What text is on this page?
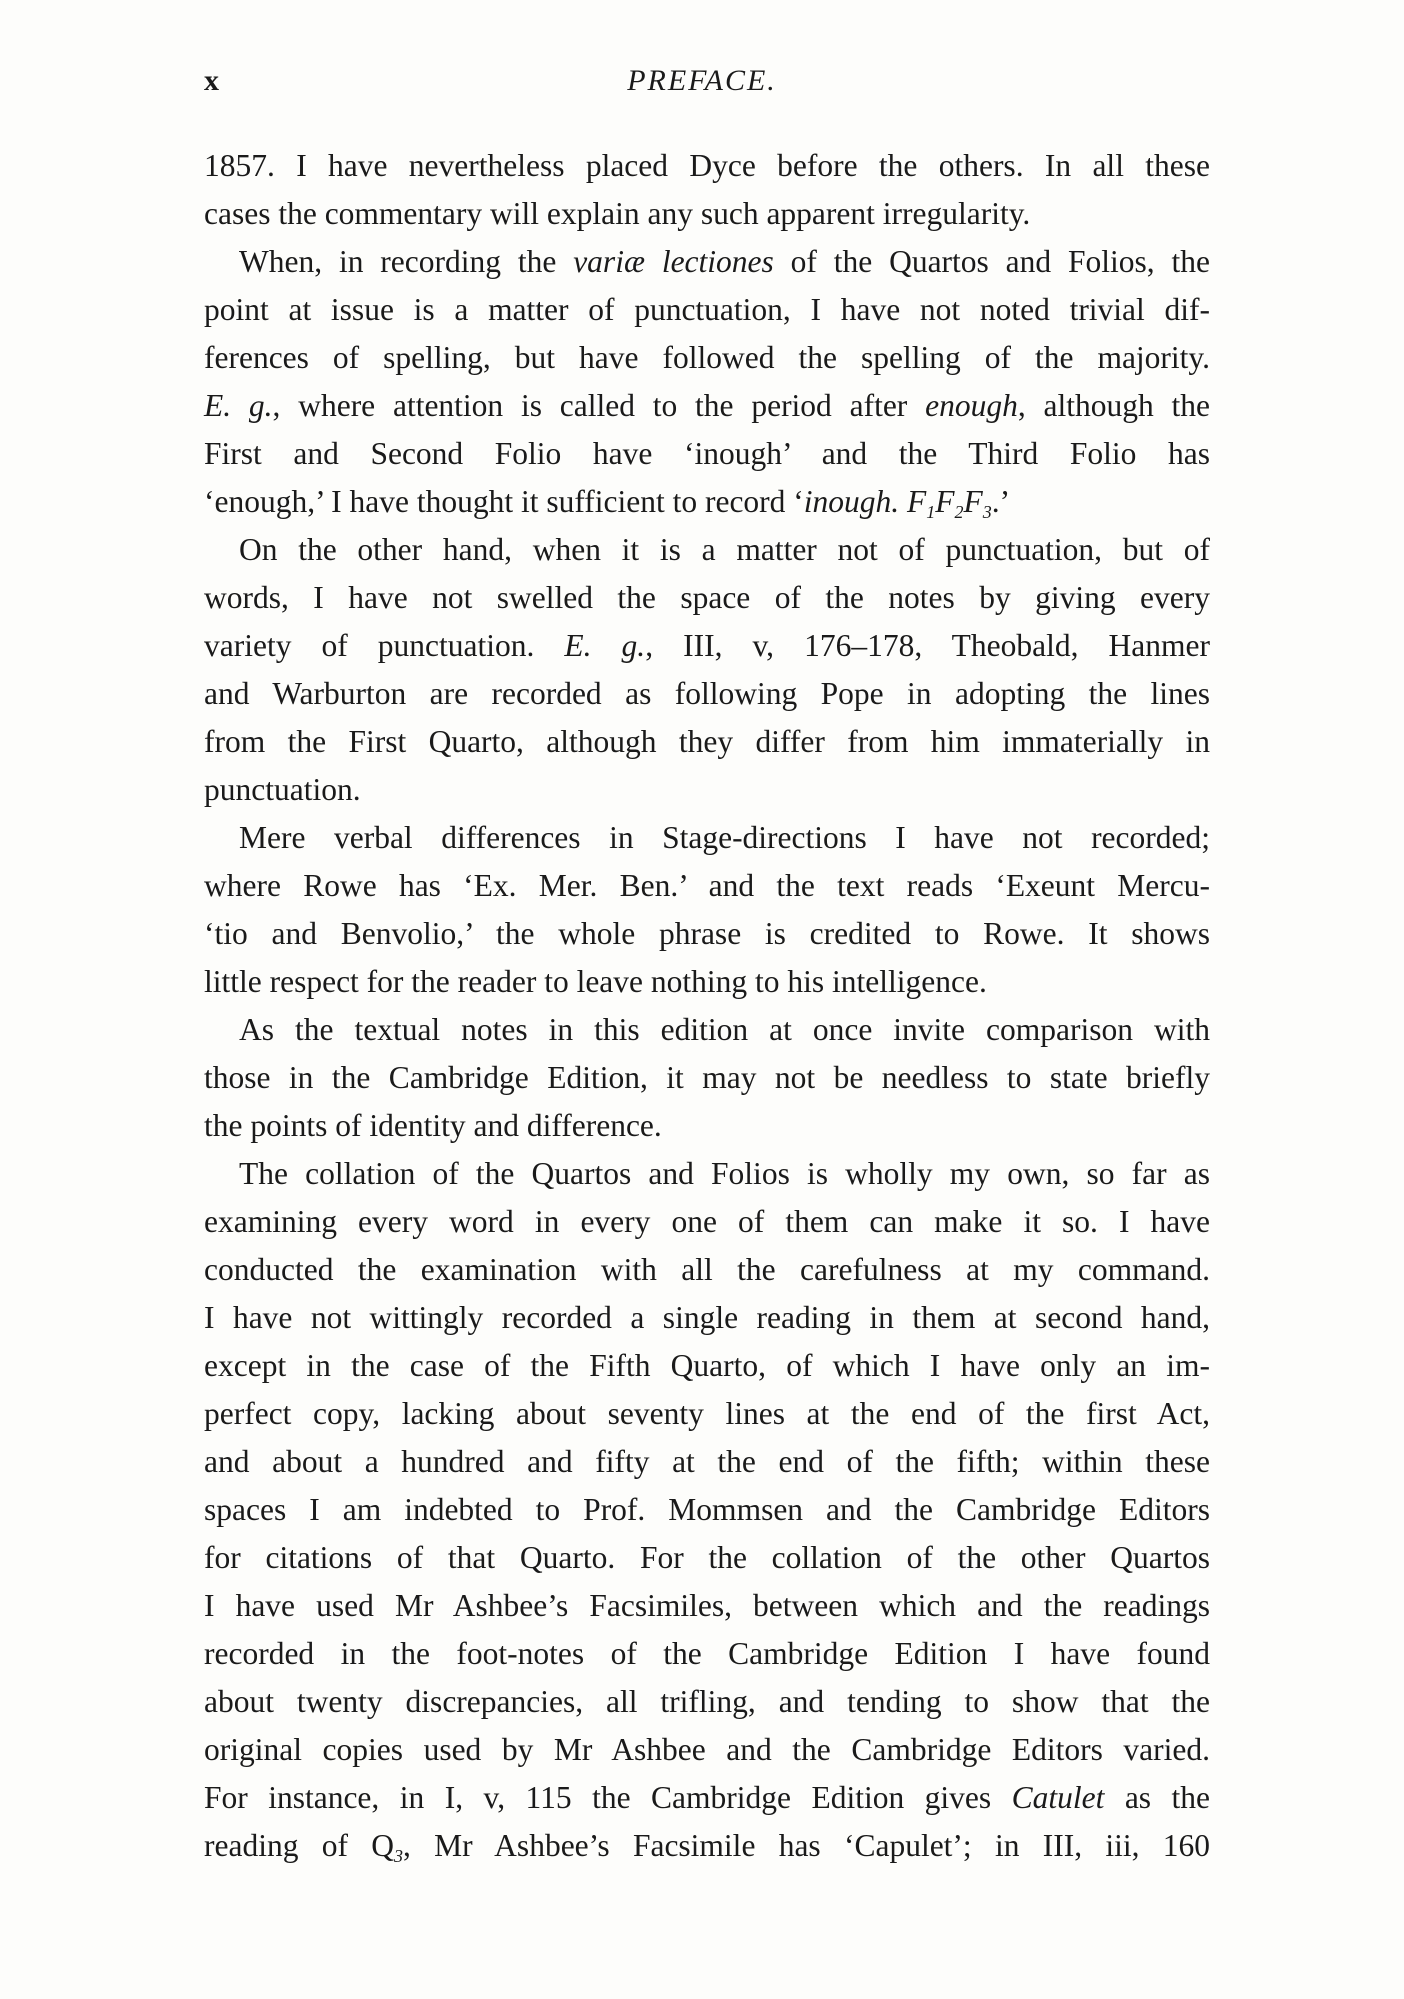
x	PREFACE.
1857. I have nevertheless placed Dyce before the others. In all these
cases the commentary will explain any such apparent irregularity.
When, in recording the variæ lectiones of the Quartos and Folios, the
point at issue is a matter of punctuation, I have not noted trivial dif-
ferences of spelling, but have followed the spelling of the majority.
E. g., where attention is called to the period after enough, although the
First and Second Folio have ‘inough’ and the Third Folio has
‘enough,’ I have thought it sufficient to record ‘inough. $F_1F_2F_3$.’
On the other hand, when it is a matter not of punctuation, but of
words, I have not swelled the space of the notes by giving every
variety of punctuation. E. g., III, v, 176–178, Theobald, Hanmer
and Warburton are recorded as following Pope in adopting the lines
from the First Quarto, although they differ from him immaterially in
punctuation.
Mere verbal differences in Stage-directions I have not recorded;
where Rowe has ‘Ex. Mer. Ben.’ and the text reads ‘Exeunt Mercu-
‘tio and Benvolio,’ the whole phrase is credited to Rowe. It shows
little respect for the reader to leave nothing to his intelligence.
As the textual notes in this edition at once invite comparison with
those in the Cambridge Edition, it may not be needless to state briefly
the points of identity and difference.
The collation of the Quartos and Folios is wholly my own, so far as
examining every word in every one of them can make it so. I have
conducted the examination with all the carefulness at my command.
I have not wittingly recorded a single reading in them at second hand,
except in the case of the Fifth Quarto, of which I have only an im-
perfect copy, lacking about seventy lines at the end of the first Act,
and about a hundred and fifty at the end of the fifth; within these
spaces I am indebted to Prof. Mommsen and the Cambridge Editors
for citations of that Quarto. For the collation of the other Quartos
I have used Mr Ashbee’s Facsimiles, between which and the readings
recorded in the foot-notes of the Cambridge Edition I have found
about twenty discrepancies, all trifling, and tending to show that the
original copies used by Mr Ashbee and the Cambridge Editors varied.
For instance, in I, v, 115 the Cambridge Edition gives Catulet as the
reading of $Q_3$, Mr Ashbee’s Facsimile has ‘Capulet’; in III, iii, 160
